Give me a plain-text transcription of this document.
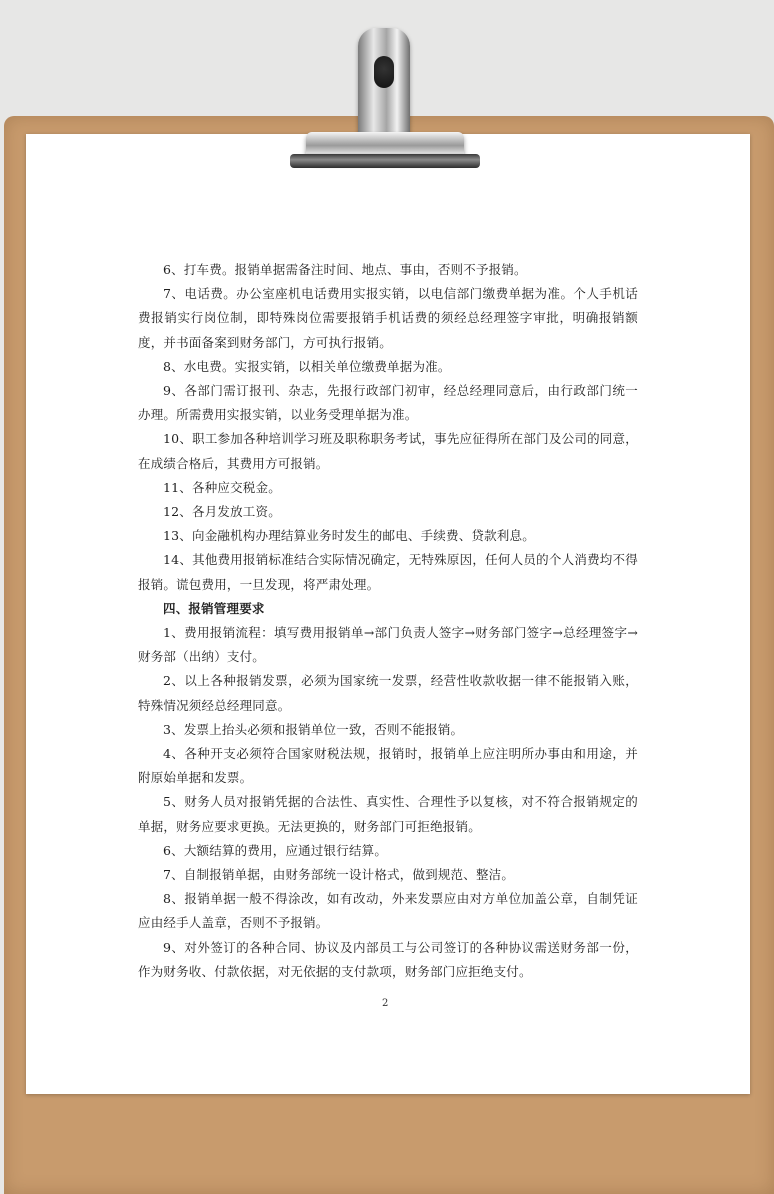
6、打车费。报销单据需备注时间、地点、事由，否则不予报销。

7、电话费。办公室座机电话费用实报实销，以电信部门缴费单据为准。个人手机话费报销实行岗位制，即特殊岗位需要报销手机话费的须经总经理签字审批，明确报销额度，并书面备案到财务部门，方可执行报销。

8、水电费。实报实销，以相关单位缴费单据为准。

9、各部门需订报刊、杂志，先报行政部门初审，经总经理同意后，由行政部门统一办理。所需费用实报实销，以业务受理单据为准。

10、职工参加各种培训学习班及职称职务考试，事先应征得所在部门及公司的同意，在成绩合格后，其费用方可报销。

11、各种应交税金。

12、各月发放工资。

13、向金融机构办理结算业务时发生的邮电、手续费、贷款利息。

14、其他费用报销标准结合实际情况确定，无特殊原因，任何人员的个人消费均不得报销。谎包费用，一旦发现，将严肃处理。

四、报销管理要求

1、费用报销流程：填写费用报销单→部门负责人签字→财务部门签字→总经理签字→财务部（出纳）支付。

2、以上各种报销发票，必须为国家统一发票，经营性收款收据一律不能报销入账，特殊情况须经总经理同意。

3、发票上抬头必须和报销单位一致，否则不能报销。

4、各种开支必须符合国家财税法规，报销时，报销单上应注明所办事由和用途，并附原始单据和发票。

5、财务人员对报销凭据的合法性、真实性、合理性予以复核，对不符合报销规定的单据，财务应要求更换。无法更换的，财务部门可拒绝报销。

6、大额结算的费用，应通过银行结算。

7、自制报销单据，由财务部统一设计格式，做到规范、整洁。

8、报销单据一般不得涂改，如有改动，外来发票应由对方单位加盖公章，自制凭证应由经手人盖章，否则不予报销。

9、对外签订的各种合同、协议及内部员工与公司签订的各种协议需送财务部一份，作为财务收、付款依据，对无依据的支付款项，财务部门应拒绝支付。

2
